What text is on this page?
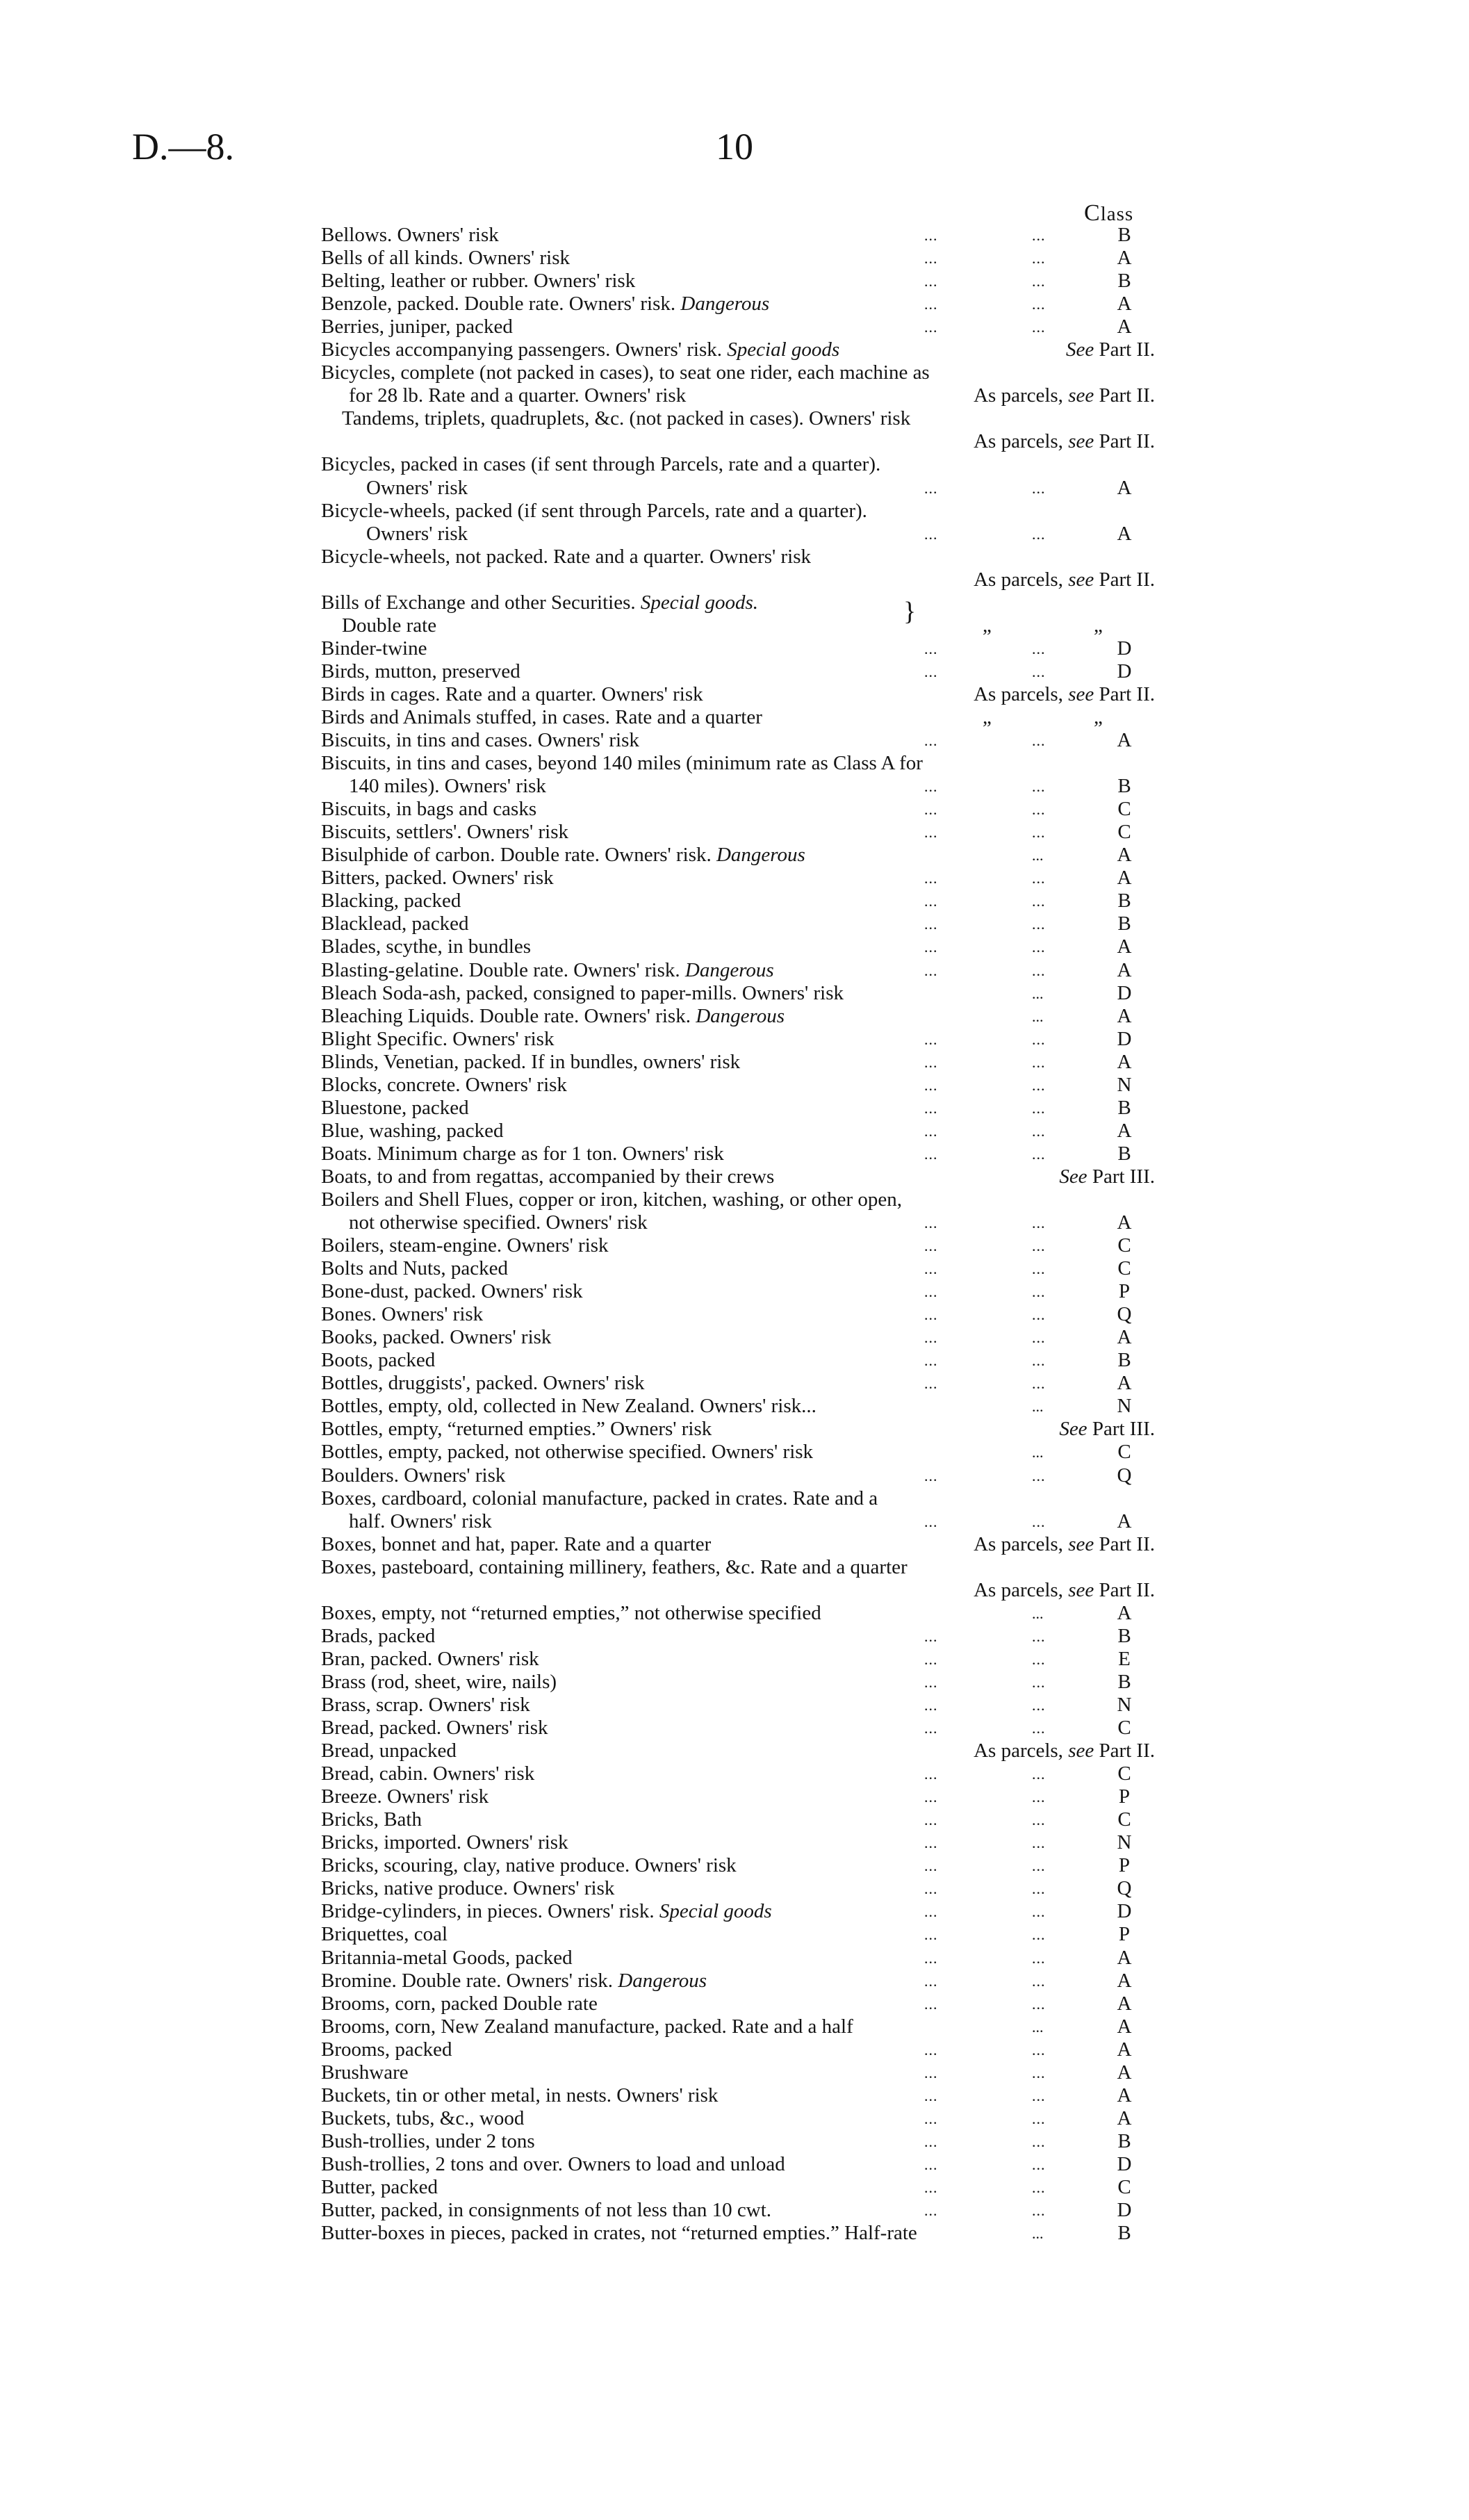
D.—8.	10
Class
Bellows. Owners' risk	B
Bells of all kinds. Owners' risk	A
Belting, leather or rubber. Owners' risk	B
Benzole, packed. Double rate. Owners' risk. Dangerous	A
Berries, juniper, packed	A
Bicycles accompanying passengers. Owners' risk. Special goods	See Part II.
Bicycles, complete (not packed in cases), to seat one rider, each machine as
for 28 lb. Rate and a quarter. Owners' risk	As parcels, see Part II.
Tandems, triplets, quadruplets, &c. (not packed in cases). Owners' risk
As parcels, see Part II.
Bicycles, packed in cases (if sent through Parcels, rate and a quarter).
Owners' risk	A
Bicycle-wheels, packed (if sent through Parcels, rate and a quarter).
Owners' risk	A
Bicycle-wheels, not packed. Rate and a quarter. Owners' risk
As parcels, see Part II.
Bills of Exchange and other Securities. Special goods.	}
Double rate	„	„
Binder-twine	D
Birds, mutton, preserved	D
Birds in cages. Rate and a quarter. Owners' risk	As parcels, see Part II.
Birds and Animals stuffed, in cases. Rate and a quarter	„	„
Biscuits, in tins and cases. Owners' risk	A
Biscuits, in tins and cases, beyond 140 miles (minimum rate as Class A for
140 miles). Owners' risk	B
Biscuits, in bags and casks	C
Biscuits, settlers'. Owners' risk	C
Bisulphide of carbon. Double rate. Owners' risk. Dangerous ...	A
Bitters, packed. Owners' risk	A
Blacking, packed	B
Blacklead, packed	B
Blades, scythe, in bundles	A
Blasting-gelatine. Double rate. Owners' risk. Dangerous	A
Bleach Soda-ash, packed, consigned to paper-mills. Owners' risk ...	D
Bleaching Liquids. Double rate. Owners' risk. Dangerous ...	A
Blight Specific. Owners' risk	D
Blinds, Venetian, packed. If in bundles, owners' risk	A
Blocks, concrete. Owners' risk	N
Bluestone, packed	B
Blue, washing, packed	A
Boats. Minimum charge as for 1 ton. Owners' risk	B
Boats, to and from regattas, accompanied by their crews	See Part III.
Boilers and Shell Flues, copper or iron, kitchen, washing, or other open,
not otherwise specified. Owners' risk	A
Boilers, steam-engine. Owners' risk	C
Bolts and Nuts, packed	C
Bone-dust, packed. Owners' risk	P
Bones. Owners' risk	Q
Books, packed. Owners' risk	A
Boots, packed	B
Bottles, druggists', packed. Owners' risk	A
Bottles, empty, old, collected in New Zealand. Owners' risk... ...	N
Bottles, empty, “returned empties.” Owners' risk	See Part III.
Bottles, empty, packed, not otherwise specified. Owners' risk ...	C
Boulders. Owners' risk	Q
Boxes, cardboard, colonial manufacture, packed in crates. Rate and a
half. Owners' risk	A
Boxes, bonnet and hat, paper. Rate and a quarter	As parcels, see Part II.
Boxes, pasteboard, containing millinery, feathers, &c. Rate and a quarter
As parcels, see Part II.
Boxes, empty, not “returned empties,” not otherwise specified ...	A
Brads, packed	B
Bran, packed. Owners' risk	E
Brass (rod, sheet, wire, nails)	B
Brass, scrap. Owners' risk	N
Bread, packed. Owners' risk	C
Bread, unpacked	As parcels, see Part II.
Bread, cabin. Owners' risk	C
Breeze. Owners' risk	P
Bricks, Bath	C
Bricks, imported. Owners' risk	N
Bricks, scouring, clay, native produce. Owners' risk	P
Bricks, native produce. Owners' risk	Q
Bridge-cylinders, in pieces. Owners' risk. Special goods	D
Briquettes, coal	P
Britannia-metal Goods, packed	A
Bromine. Double rate. Owners' risk. Dangerous	A
Brooms, corn, packed Double rate	A
Brooms, corn, New Zealand manufacture, packed. Rate and a half ...	A
Brooms, packed	A
Brushware	A
Buckets, tin or other metal, in nests. Owners' risk	A
Buckets, tubs, &c., wood	A
Bush-trollies, under 2 tons	B
Bush-trollies, 2 tons and over. Owners to load and unload	D
Butter, packed	C
Butter, packed, in consignments of not less than 10 cwt.	D
Butter-boxes in pieces, packed in crates, not “returned empties.” Half-rate ...	B
